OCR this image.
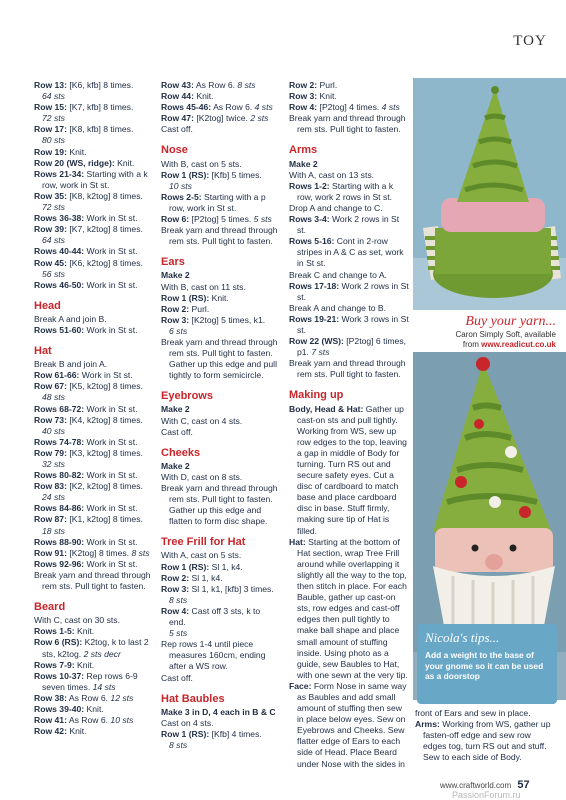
TOY

Row 13: [K6, kfb] 8 times.

64 sts

Row 15: [K7, kfb] 8 times.

72 sts

Row 17: [K8, kfb] 8 times.

80 sts

Row 19: Knit.

Row 20 (WS, ridge): Knit.

Rows 21-34: Starting with a k row, work in St st.

Row 35: [K8, k2tog] 8 times.

72 sts

Rows 36-38: Work in St st.

Row 39: [K7, k2tog] 8 times.

64 sts

Rows 40-44: Work in St st.

Row 45: [K6, k2tog] 8 times.

56 sts

Rows 46-50: Work in St st.

Head

Break A and join B.

Rows 51-60: Work in St st.

Hat

Break B and join A.

Row 61-66: Work in St st.

Row 67: [K5, k2tog] 8 times.

48 sts

Rows 68-72: Work in St st.

Row 73: [K4, k2tog] 8 times.

40 sts

Rows 74-78: Work in St st.

Row 79: [K3, k2tog] 8 times.

32 sts

Rows 80-82: Work in St st.

Row 83: [K2, k2tog] 8 times.

24 sts

Rows 84-86: Work in St st.

Row 87: [K1, k2tog] 8 times.

18 sts

Rows 88-90: Work in St st.

Row 91: [K2tog] 8 times. 8 sts

Rows 92-96: Work in St st.

Break yarn and thread through rem sts. Pull tight to fasten.

Beard

With C, cast on 30 sts.

Rows 1-5: Knit.

Row 6 (RS): K2tog, k to last 2 sts, k2tog. 2 sts decr

Rows 7-9: Knit.

Rows 10-37: Rep rows 6-9 seven times. 14 sts

Row 38: As Row 6. 12 sts

Rows 39-40: Knit.

Row 41: As Row 6. 10 sts

Row 42: Knit.

Row 43: As Row 6. 8 sts

Row 44: Knit.

Rows 45-46: As Row 6. 4 sts

Row 47: [K2tog] twice. 2 sts

Cast off.

Nose

With B, cast on 5 sts.

Row 1 (RS): [Kfb] 5 times.

10 sts

Rows 2-5: Starting with a p row, work in St st.

Row 6: [P2tog] 5 times. 5 sts

Break yarn and thread through rem sts. Pull tight to fasten.

Ears

Make 2

With B, cast on 11 sts.

Row 1 (RS): Knit.

Row 2: Purl.

Row 3: [K2tog] 5 times, k1.

6 sts

Break yarn and thread through rem sts. Pull tight to fasten. Gather up this edge and pull tightly to form semicircle.

Eyebrows

Make 2

With C, cast on 4 sts.

Cast off.

Cheeks

Make 2

With D, cast on 8 sts.

Break yarn and thread through rem sts. Pull tight to fasten. Gather up this edge and flatten to form disc shape.

Tree Frill for Hat

With A, cast on 5 sts.

Row 1 (RS): Sl 1, k4.

Row 2: Sl 1, k4.

Row 3: Sl 1, k1, [kfb] 3 times.

8 sts

Row 4: Cast off 3 sts, k to end.

5 sts

Rep rows 1-4 until piece measures 160cm, ending after a WS row.

Cast off.

Hat Baubles

Make 3 in D, 4 each in B & C

Cast on 4 sts.

Row 1 (RS): [Kfb] 4 times.

8 sts

Row 2: Purl.

Row 3: Knit.

Row 4: [P2tog] 4 times. 4 sts

Break yarn and thread through rem sts. Pull tight to fasten.

Arms

Make 2

With A, cast on 13 sts.

Rows 1-2: Starting with a k row, work 2 rows in St st.

Drop A and change to C.

Rows 3-4: Work 2 rows in St st.

Rows 5-16: Cont in 2-row stripes in A & C as set, work in St st.

Break C and change to A.

Rows 17-18: Work 2 rows in St st.

Break A and change to B.

Rows 19-21: Work 3 rows in St st.

Row 22 (WS): [P2tog] 6 times, p1. 7 sts

Break yarn and thread through rem sts. Pull tight to fasten.

Making up

Body, Head & Hat: Gather up cast-on sts and pull tightly. Working from WS, sew up row edges to the top, leaving a gap in middle of Body for turning. Turn RS out and secure safety eyes. Cut a disc of cardboard to match base and place cardboard disc in base. Stuff firmly, making sure tip of Hat is filled.

Hat: Starting at the bottom of Hat section, wrap Tree Frill around while overlapping it slightly all the way to the top, then stitch in place. For each Bauble, gather up cast-on sts, row edges and cast-off edges then pull tightly to make ball shape and place small amount of stuffing inside. Using photo as a guide, sew Baubles to Hat, with one sewn at the very tip.

Face: Form Nose in same way as Baubles and add small amount of stuffing then sew in place below eyes. Sew on Eyebrows and Cheeks. Sew flatter edge of Ears to each side of Head. Place Beard under Nose with the sides in

front of Ears and sew in place.

Arms: Working from WS, gather up fasten-off edge and sew row edges tog, turn RS out and stuff. Sew to each side of Body.

Buy your yarn...
Caron Simply Soft, available
from www.readicut.co.uk
Nicola's tips...
Add a weight to the base of your gnome so it can be used as a doorstop
www.craftworld.com 57
PassionForum.ru
